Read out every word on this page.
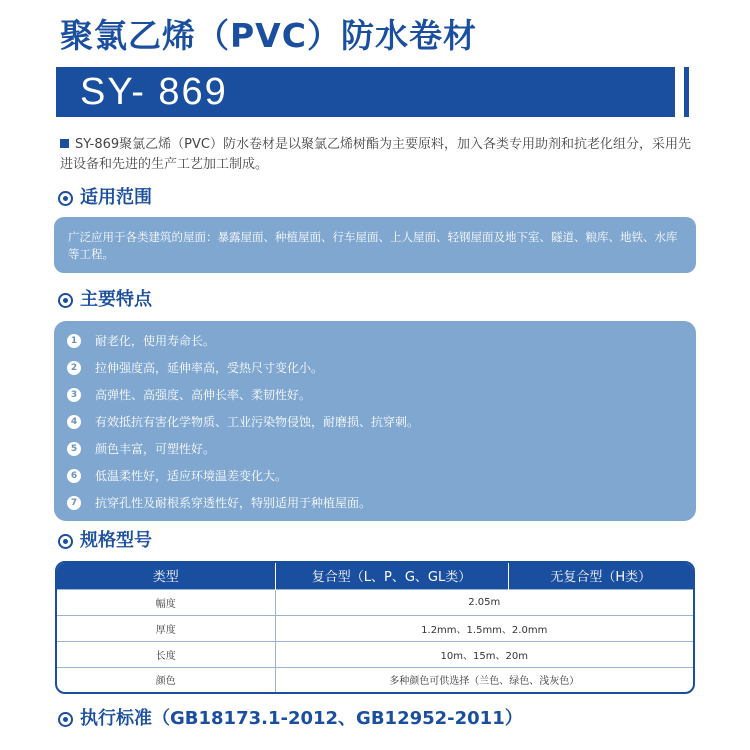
聚氯乙烯（PVC）防水卷材
SY- 869
SY-869聚氯乙烯（PVC）防水卷材是以聚氯乙烯树酯为主要原料，加入各类专用助剂和抗老化组分，采用先进设备和先进的生产工艺加工制成。
适用范围
广泛应用于各类建筑的屋面：暴露屋面、种植屋面、行车屋面、上人屋面、轻钢屋面及地下室、隧道、粮库、地铁、水库等工程。
主要特点
1	耐老化，使用寿命长。
2	拉伸强度高，延伸率高，受热尺寸变化小。
3	高弹性、高强度、高伸长率、柔韧性好。
4	有效抵抗有害化学物质、工业污染物侵蚀，耐磨损、抗穿刺。
5	颜色丰富，可塑性好。
6	低温柔性好，适应环境温差变化大。
7	抗穿孔性及耐根系穿透性好，特别适用于种植屋面。
规格型号
类型	复合型（L、P、G、GL类）	无复合型（H类）
幅度	2.05m	
厚度	1.2mm、1.5mm、2.0mm	
长度	10m、15m、20m	
颜色	多种颜色可供选择（兰色、绿色、浅灰色）	
执行标准（GB18173.1-2012、GB12952-2011）
